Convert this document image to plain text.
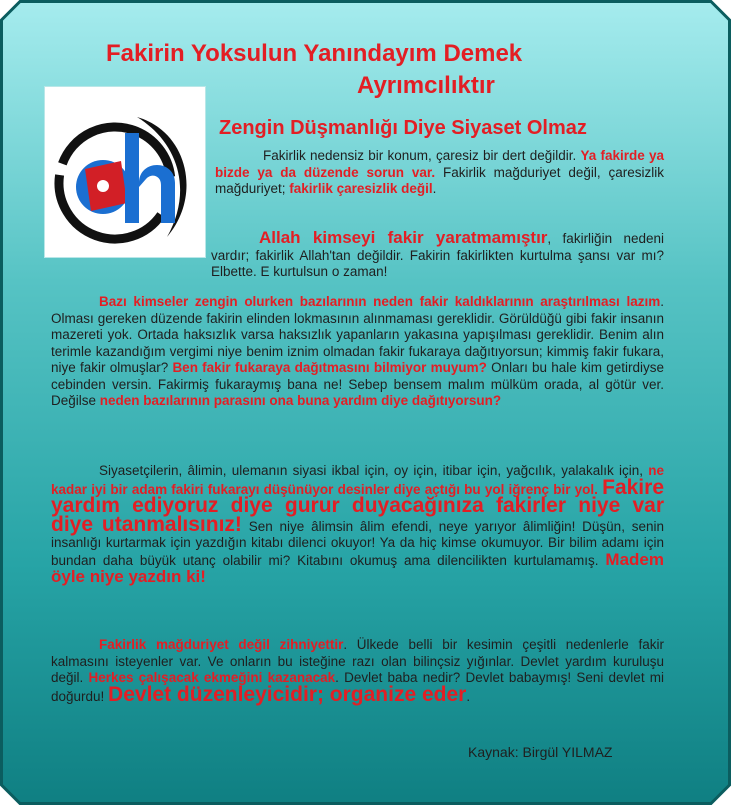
Fakirin Yoksulun Yanındayım Demek
Ayrımcılıktır
Zengin Düşmanlığı Diye Siyaset Olmaz

Fakirlik nedensiz bir konum, çaresiz bir dert değildir. Ya fakirde ya bizde ya da düzende sorun var. Fakirlik mağduriyet değil, çaresizlik mağduriyet; fakirlik çaresizlik değil.

Allah kimseyi fakir yaratmamıştır, fakirliğin nedeni vardır; fakirlik Allah'tan değildir. Fakirin fakirlikten kurtulma şansı var mı? Elbette. E kurtulsun o zaman!

Bazı kimseler zengin olurken bazılarının neden fakir kaldıklarının araştırılması lazım. Olması gereken düzende fakirin elinden lokmasının alınmaması gereklidir. Görüldüğü gibi fakir insanın mazereti yok. Ortada haksızlık varsa haksızlık yapanların yakasına yapışılması gereklidir. Benim alın terimle kazandığım vergimi niye benim iznim olmadan fakir fukaraya dağıtıyorsun; kimmiş fakir fukara, niye fakir olmuşlar? Ben fakir fukaraya dağıtmasını bilmiyor muyum? Onları bu hale kim getirdiyse cebinden versin. Fakirmiş fukaraymış bana ne! Sebep bensem malım mülküm orada, al götür ver. Değilse neden bazılarının parasını ona buna yardım diye dağıtıyorsun?

Siyasetçilerin, âlimin, ulemanın siyasi ikbal için, oy için, itibar için, yağcılık, yalakalık için, ne kadar iyi bir adam fakiri fukarayı düşünüyor desinler diye açtığı bu yol iğrenç bir yol. Fakire yardım ediyoruz diye gurur duyacağınıza fakirler niye var diye utanmalısınız! Sen niye âlimsin âlim efendi, neye yarıyor âlimliğin! Düşün, senin insanlığı kurtarmak için yazdığın kitabı dilenci okuyor! Ya da hiç kimse okumuyor. Bir bilim adamı için bundan daha büyük utanç olabilir mi? Kitabını okumuş ama dilencilikten kurtulamamış. Madem öyle niye yazdın ki!

Fakirlik mağduriyet değil zihniyettir. Ülkede belli bir kesimin çeşitli nedenlerle fakir kalmasını isteyenler var. Ve onların bu isteğine razı olan bilinçsiz yığınlar. Devlet yardım kuruluşu değil. Herkes çalışacak ekmeğini kazanacak. Devlet baba nedir? Devlet babaymış! Seni devlet mi doğurdu! Devlet düzenleyicidir; organize eder.

Kaynak: Birgül YILMAZ
